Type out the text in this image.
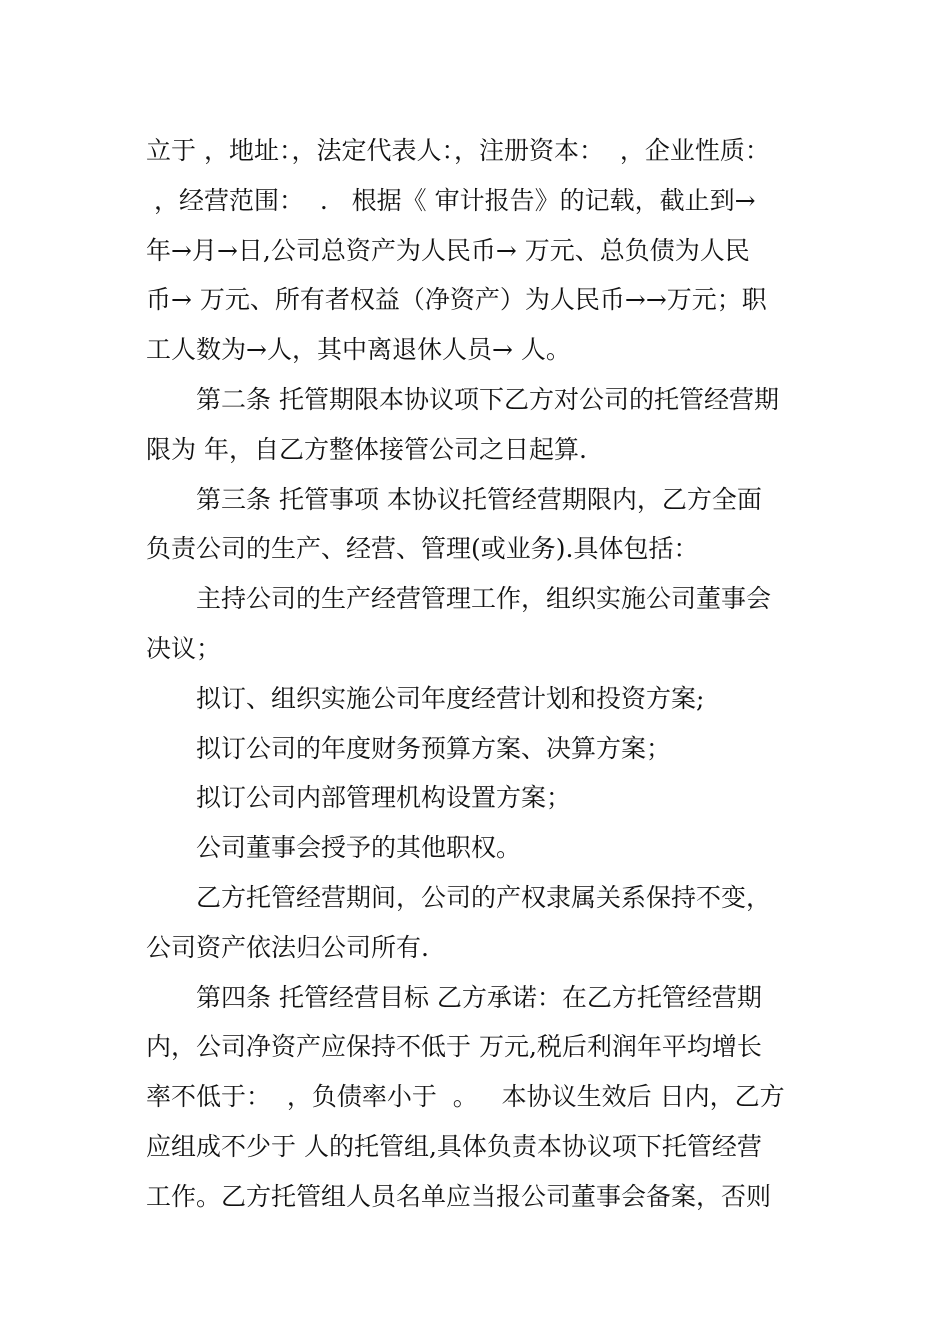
立于 ，地址：，法定代表人：，注册资本：  ，企业性质：
，经营范围：  .   根据《 审计报告》的记载，截止到→
年→月→日,公司总资产为人民币→ 万元、总负债为人民
币→ 万元、所有者权益（净资产）为人民币→→万元；职
工人数为→人，其中离退休人员→ 人。
第二条 托管期限本协议项下乙方对公司的托管经营期
限为 年，自乙方整体接管公司之日起算.
第三条 托管事项 本协议托管经营期限内，乙方全面
负责公司的生产、经营、管理(或业务).具体包括：
主持公司的生产经营管理工作，组织实施公司董事会
决议；
拟订、组织实施公司年度经营计划和投资方案;
拟订公司的年度财务预算方案、决算方案；
拟订公司内部管理机构设置方案；
公司董事会授予的其他职权。
乙方托管经营期间，公司的产权隶属关系保持不变，
公司资产依法归公司所有.
第四条 托管经营目标 乙方承诺：在乙方托管经营期
内，公司净资产应保持不低于 万元,税后利润年平均增长
率不低于：  ，负债率小于  。   本协议生效后 日内，乙方
应组成不少于 人的托管组,具体负责本协议项下托管经营
工作。乙方托管组人员名单应当报公司董事会备案，否则
